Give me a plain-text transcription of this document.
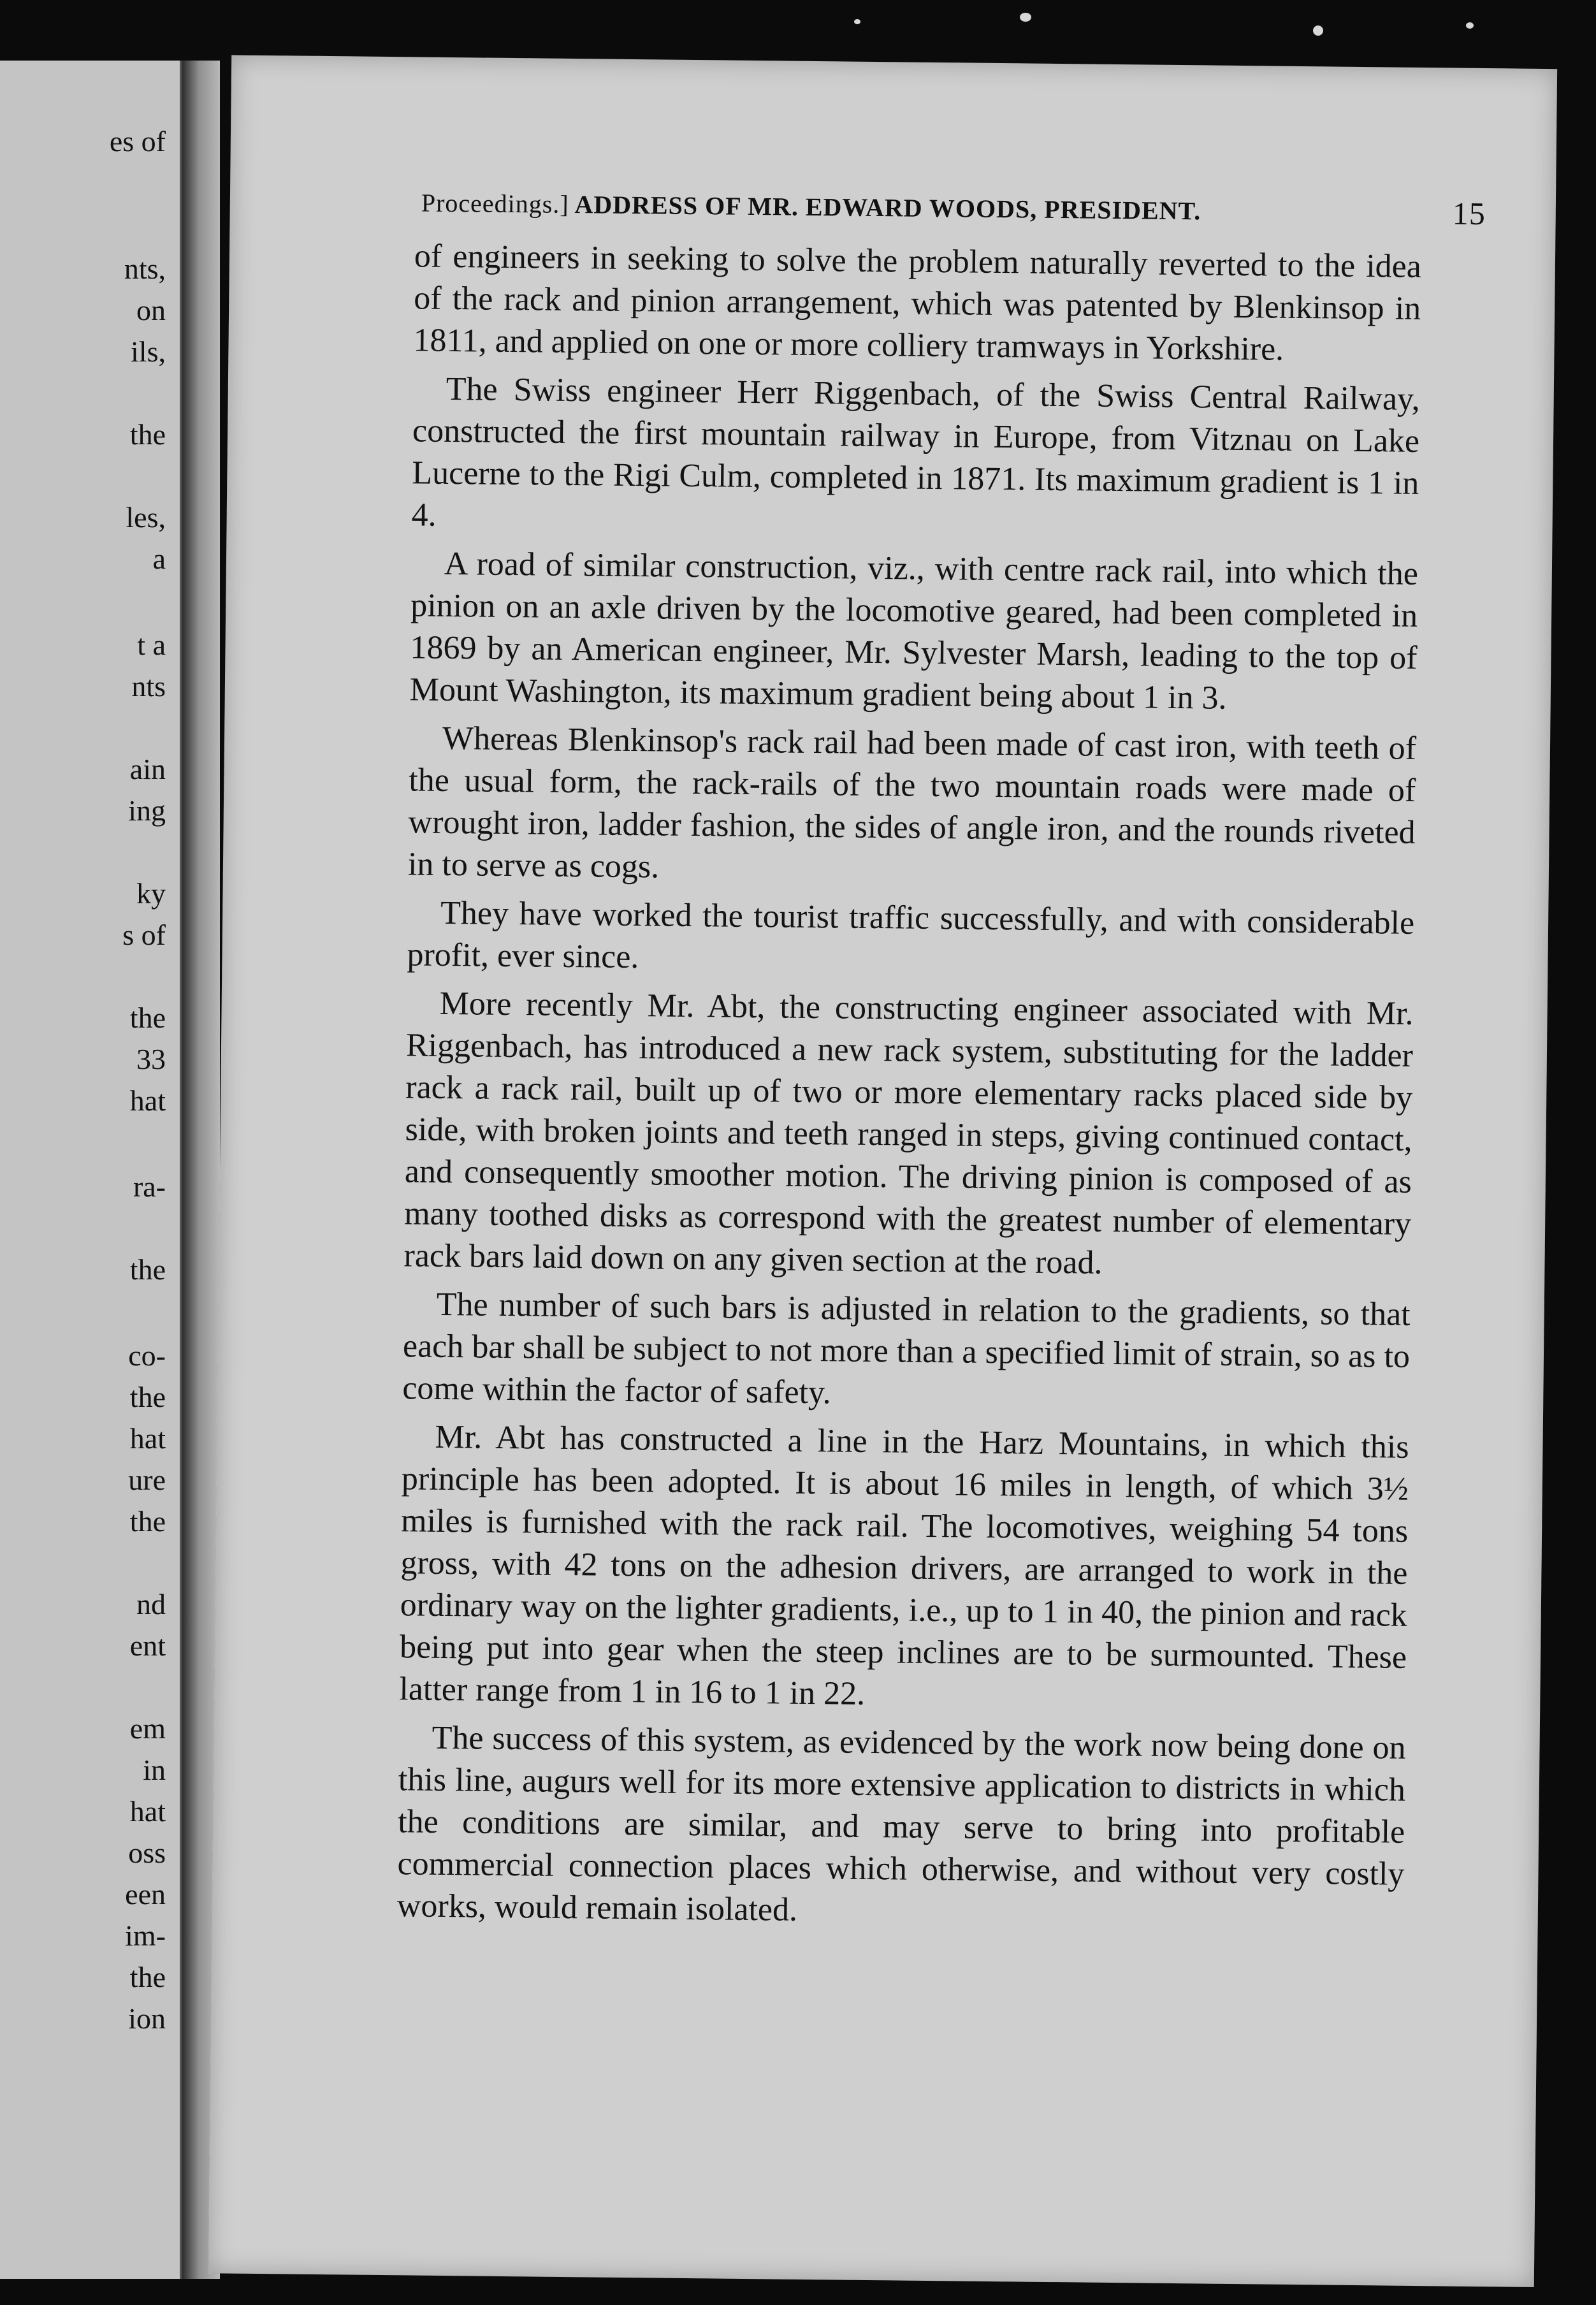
es of
nts,
on
ils,
the
les,
a
t a
nts
ain
ing
ky
s of
the
33
hat
ra-
the
co-
the
hat
ure
the
nd
ent
em
in
hat
oss
een
im-
the
ion
Proceedings.] ADDRESS OF MR. EDWARD WOODS, PRESIDENT.	15

of engineers in seeking to solve the problem naturally reverted to the idea of the rack and pinion arrangement, which was patented by Blenkinsop in 1811, and applied on one or more colliery tramways in Yorkshire.

The Swiss engineer Herr Riggenbach, of the Swiss Central Railway, constructed the first mountain railway in Europe, from Vitznau on Lake Lucerne to the Rigi Culm, completed in 1871. Its maximum gradient is 1 in 4.

A road of similar construction, viz., with centre rack rail, into which the pinion on an axle driven by the locomotive geared, had been completed in 1869 by an American engineer, Mr. Sylvester Marsh, leading to the top of Mount Washington, its maximum gradient being about 1 in 3.

Whereas Blenkinsop's rack rail had been made of cast iron, with teeth of the usual form, the rack-rails of the two mountain roads were made of wrought iron, ladder fashion, the sides of angle iron, and the rounds riveted in to serve as cogs.

They have worked the tourist traffic successfully, and with considerable profit, ever since.

More recently Mr. Abt, the constructing engineer associated with Mr. Riggenbach, has introduced a new rack system, substituting for the ladder rack a rack rail, built up of two or more elementary racks placed side by side, with broken joints and teeth ranged in steps, giving continued contact, and consequently smoother motion. The driving pinion is composed of as many toothed disks as correspond with the greatest number of elementary rack bars laid down on any given section at the road.

The number of such bars is adjusted in relation to the gradients, so that each bar shall be subject to not more than a specified limit of strain, so as to come within the factor of safety.

Mr. Abt has constructed a line in the Harz Mountains, in which this principle has been adopted. It is about 16 miles in length, of which 3½ miles is furnished with the rack rail. The locomotives, weighing 54 tons gross, with 42 tons on the adhesion drivers, are arranged to work in the ordinary way on the lighter gradients, i.e., up to 1 in 40, the pinion and rack being put into gear when the steep inclines are to be surmounted. These latter range from 1 in 16 to 1 in 22.

The success of this system, as evidenced by the work now being done on this line, augurs well for its more extensive application to districts in which the conditions are similar, and may serve to bring into profitable commercial connection places which otherwise, and without very costly works, would remain isolated.
